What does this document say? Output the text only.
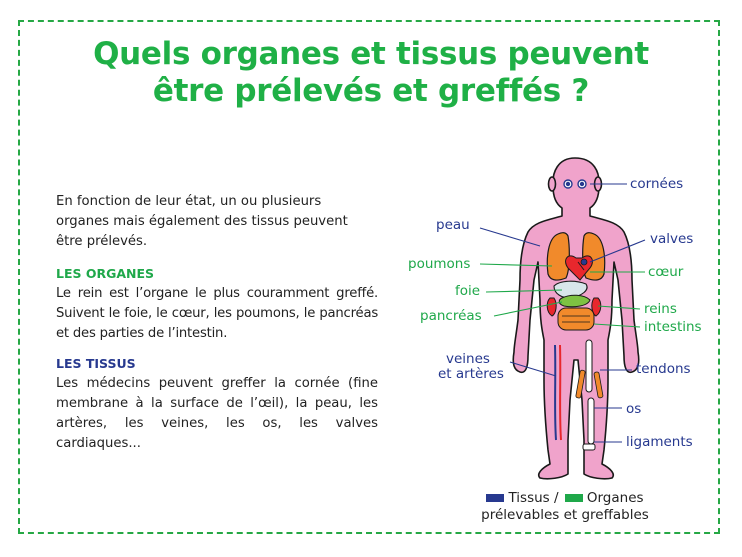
Quels organes et tissus peuvent
être prélevés et greffés ?

En fonction de leur état, un ou plusieurs organes mais également des tissus peuvent être prélevés.

LES ORGANES

Le rein est l’organe le plus couramment greffé. Suivent le foie, le cœur, les poumons, le pancréas et des parties de l’intestin.

LES TISSUS

Les médecins peuvent greffer la cornée (fine membrane à la surface de l’œil), la peau, les artères, les veines, les os, les valves cardiaques...

cornées
peau
valves
poumons	cœur
foie
reins
pancréas
intestins
veines
et artères	tendons
os
ligaments
Tissus / Organes
prélevables et greffables
